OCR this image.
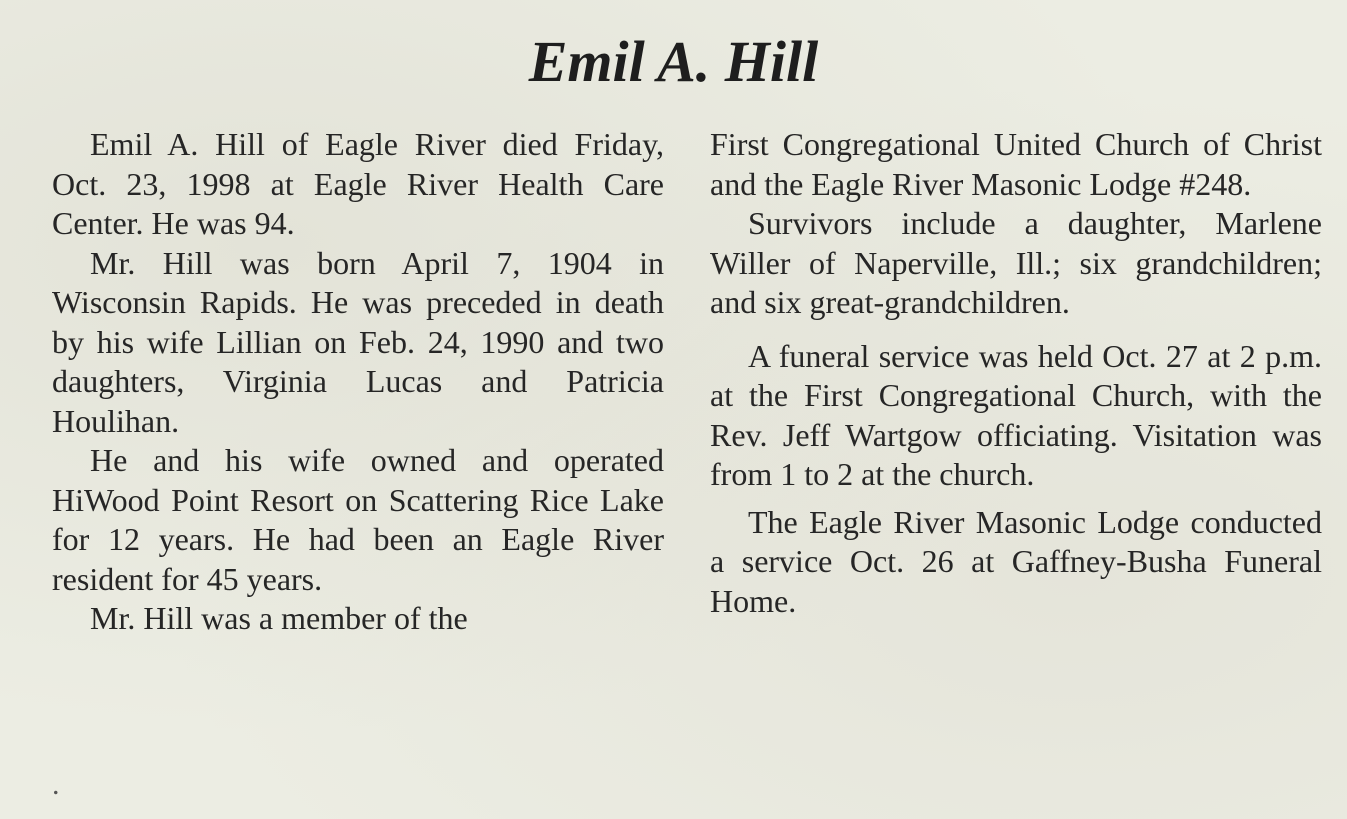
Emil A. Hill

Emil A. Hill of Eagle River died Friday, Oct. 23, 1998 at Eagle River Health Care Center. He was 94.

Mr. Hill was born April 7, 1904 in Wisconsin Rapids. He was preceded in death by his wife Lillian on Feb. 24, 1990 and two daughters, Virginia Lucas and Patricia Houlihan.

He and his wife owned and operated HiWood Point Resort on Scattering Rice Lake for 12 years. He had been an Eagle River resident for 45 years.

Mr. Hill was a member of the

First Congregational United Church of Christ and the Eagle River Masonic Lodge #248.

Survivors include a daughter, Marlene Willer of Naperville, Ill.; six grandchildren; and six great-grandchildren.

A funeral service was held Oct. 27 at 2 p.m. at the First Congregational Church, with the Rev. Jeff Wartgow officiating. Visitation was from 1 to 2 at the church.

The Eagle River Masonic Lodge conducted a service Oct. 26 at Gaffney-Busha Funeral Home.

.
